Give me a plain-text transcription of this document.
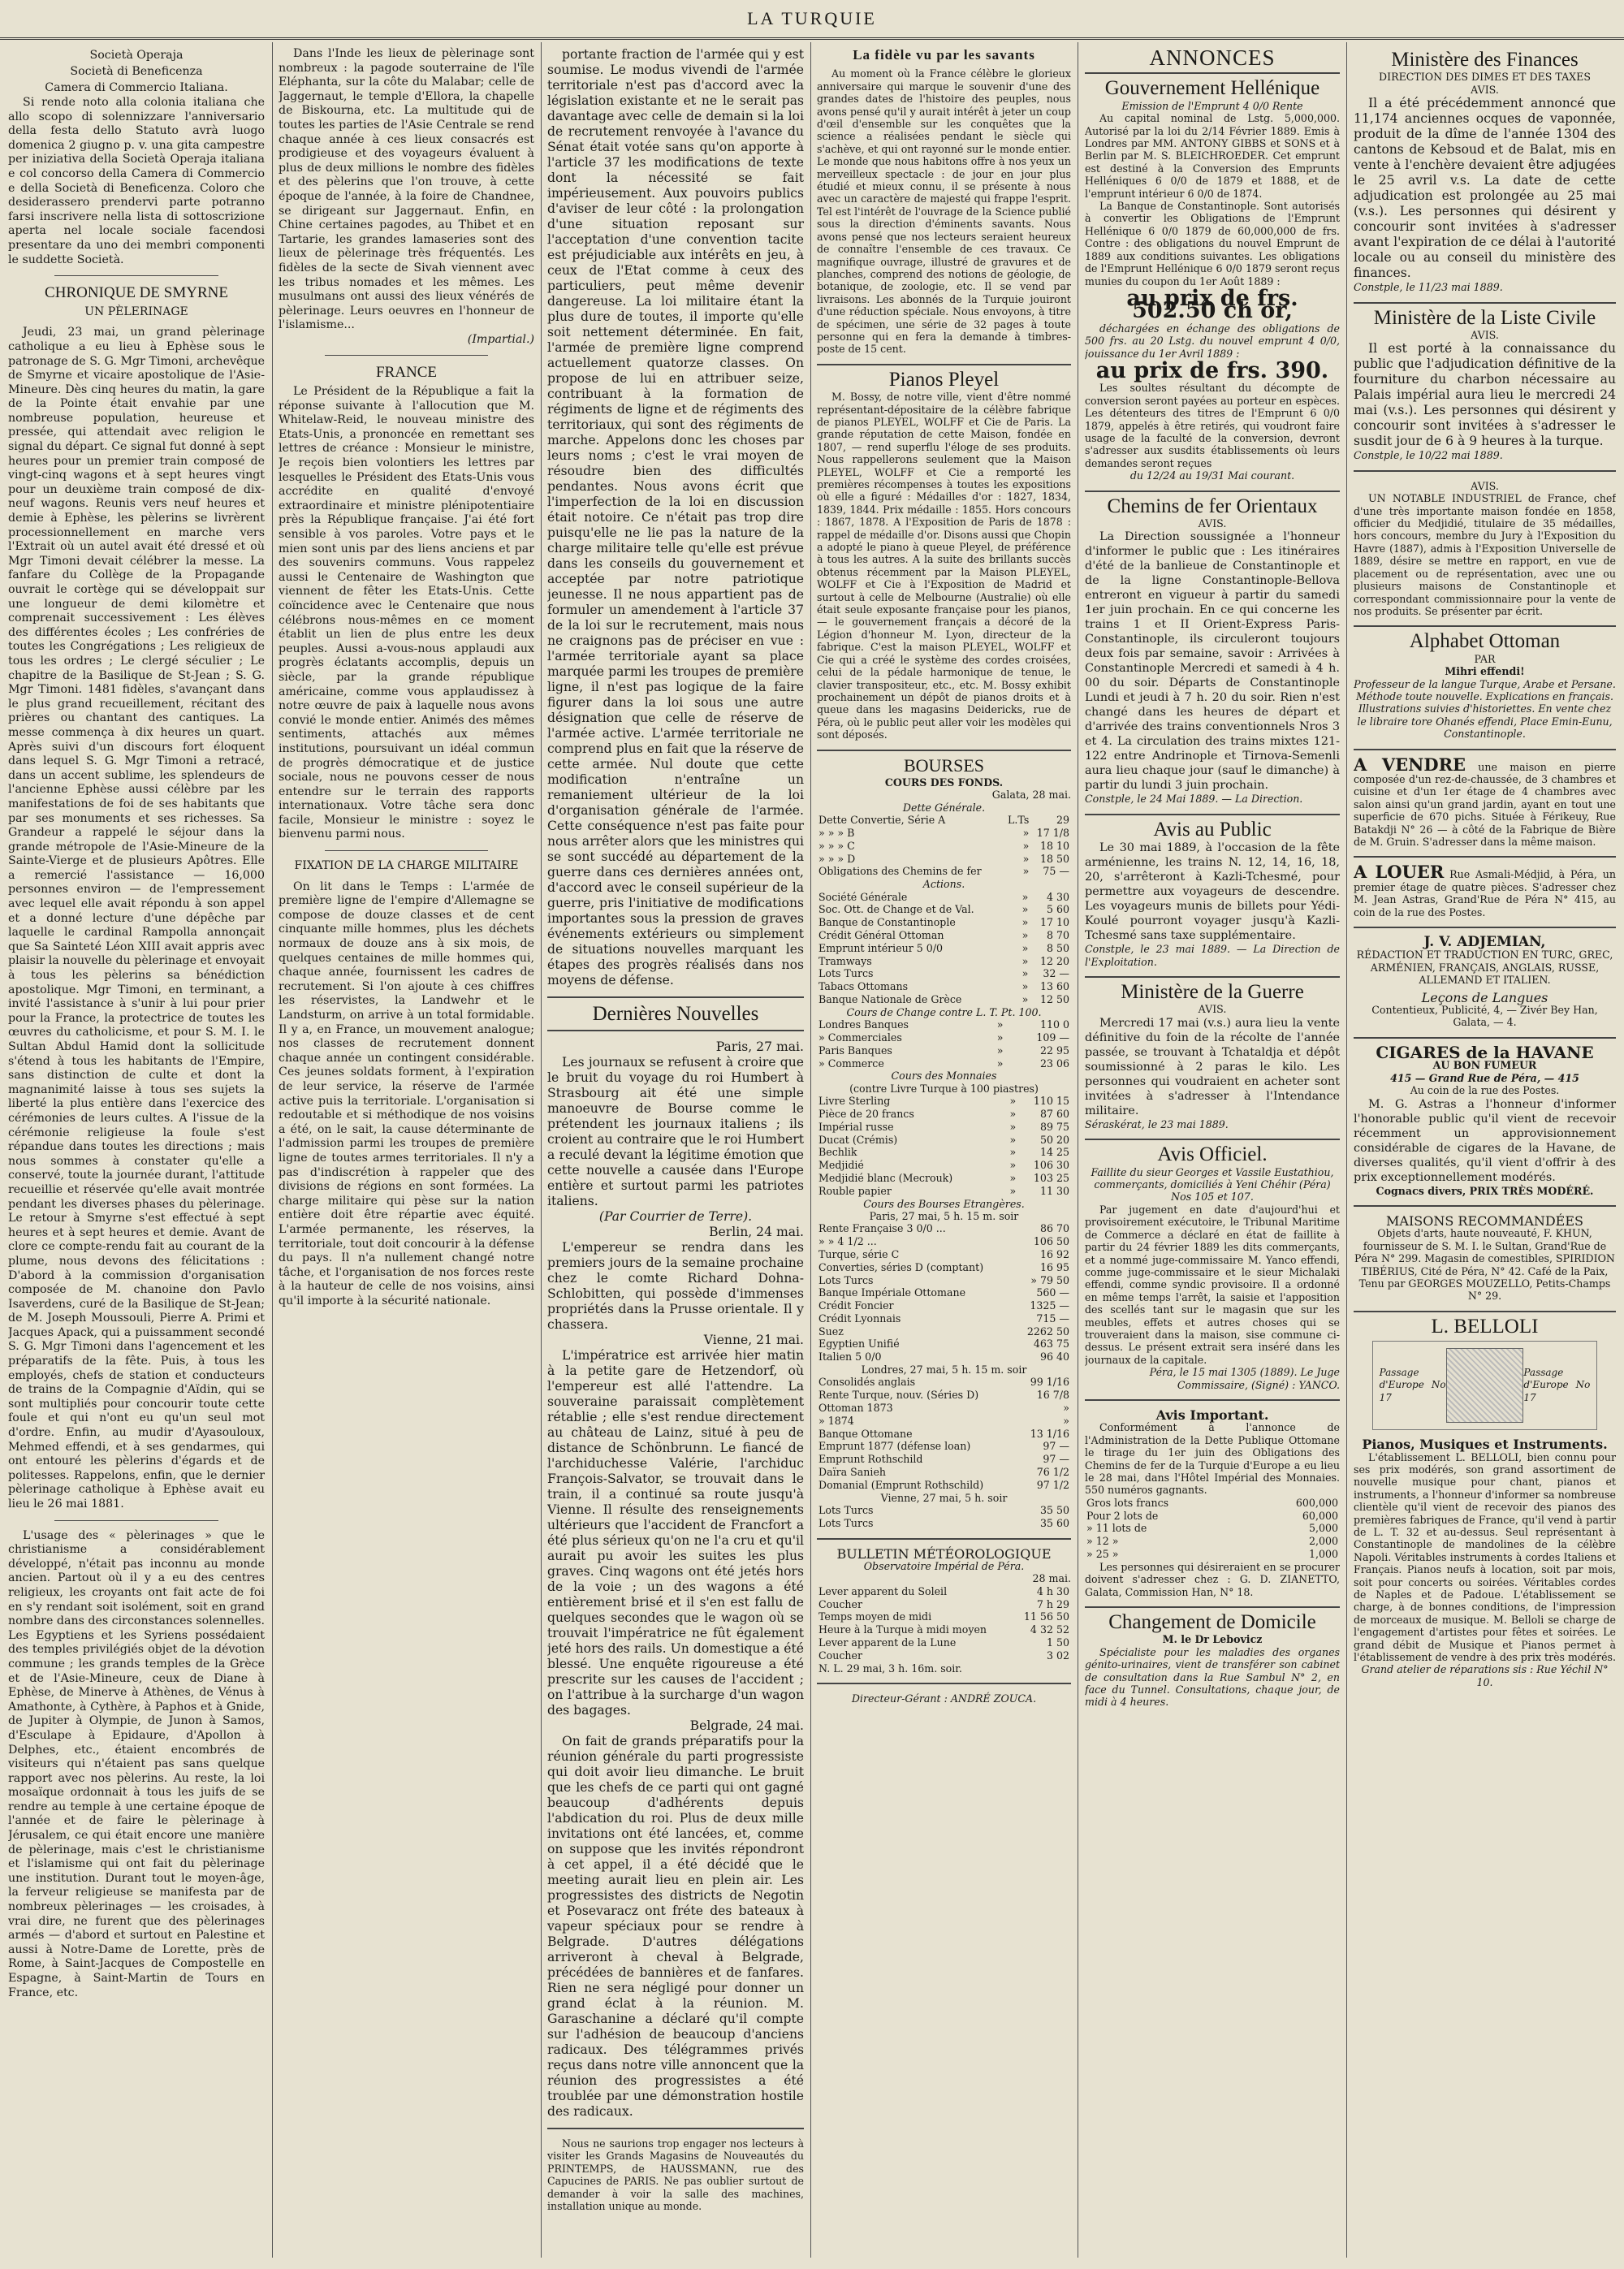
LA TURQUIE
Società Operaja
Società di Beneficenza
Camera di Commercio Italiana.

Si rende noto alla colonia italiana che allo scopo di solennizzare l'anniversario della festa dello Statuto avrà luogo domenica 2 giugno p. v. una gita campestre per iniziativa della Società Operaja italiana e col concorso della Camera di Commercio e della Società di Beneficenza. Coloro che desiderassero prendervi parte potranno farsi inscrivere nella lista di sottoscrizione aperta nel locale sociale facendosi presentare da uno dei membri componenti le suddette Società.

CHRONIQUE DE SMYRNE
UN PÈLERINAGE

Jeudi, 23 mai, un grand pèlerinage catholique a eu lieu à Ephèse sous le patronage de S. G. Mgr Timoni, archevêque de Smyrne et vicaire apostolique de l'Asie-Mineure. Dès cinq heures du matin, la gare de la Pointe était envahie par une nombreuse population, heureuse et pressée, qui attendait avec religion le signal du départ. Ce signal fut donné à sept heures pour un premier train composé de vingt-cinq wagons et à sept heures vingt pour un deuxième train composé de dix-neuf wagons. Reunis vers neuf heures et demie à Ephèse, les pèlerins se livrèrent processionnellement en marche vers l'Extrait où un autel avait été dressé et où Mgr Timoni devait célébrer la messe. La fanfare du Collège de la Propagande ouvrait le cortège qui se développait sur une longueur de demi kilomètre et comprenait successivement : Les élèves des différentes écoles ; Les confréries de toutes les Congrégations ; Les religieux de tous les ordres ; Le clergé séculier ; Le chapitre de la Basilique de St-Jean ; S. G. Mgr Timoni. 1481 fidèles, s'avançant dans le plus grand recueillement, récitant des prières ou chantant des cantiques. La messe commença à dix heures un quart. Après suivi d'un discours fort éloquent dans lequel S. G. Mgr Timoni a retracé, dans un accent sublime, les splendeurs de l'ancienne Ephèse aussi célèbre par les manifestations de foi de ses habitants que par ses monuments et ses richesses. Sa Grandeur a rappelé le séjour dans la grande métropole de l'Asie-Mineure de la Sainte-Vierge et de plusieurs Apôtres. Elle a remercié l'assistance — 16,000 personnes environ — de l'empressement avec lequel elle avait répondu à son appel et a donné lecture d'une dépêche par laquelle le cardinal Rampolla annonçait que Sa Sainteté Léon XIII avait appris avec plaisir la nouvelle du pèlerinage et envoyait à tous les pèlerins sa bénédiction apostolique. Mgr Timoni, en terminant, a invité l'assistance à s'unir à lui pour prier pour la France, la protectrice de toutes les œuvres du catholicisme, et pour S. M. I. le Sultan Abdul Hamid dont la sollicitude s'étend à tous les habitants de l'Empire, sans distinction de culte et dont la magnanimité laisse à tous ses sujets la liberté la plus entière dans l'exercice des cérémonies de leurs cultes. A l'issue de la cérémonie religieuse la foule s'est répandue dans toutes les directions ; mais nous sommes à constater qu'elle a conservé, toute la journée durant, l'attitude recueillie et réservée qu'elle avait montrée pendant les diverses phases du pèlerinage. Le retour à Smyrne s'est effectué à sept heures et à sept heures et demie. Avant de clore ce compte-rendu fait au courant de la plume, nous devons des félicitations : D'abord à la commission d'organisation composée de M. chanoine don Pavlo Isaverdens, curé de la Basilique de St-Jean; de M. Joseph Moussouli, Pierre A. Primi et Jacques Apack, qui a puissamment secondé S. G. Mgr Timoni dans l'agencement et les préparatifs de la fête. Puis, à tous les employés, chefs de station et conducteurs de trains de la Compagnie d'Aïdin, qui se sont multipliés pour concourir toute cette foule et qui n'ont eu qu'un seul mot d'ordre. Enfin, au mudir d'Ayasouloux, Mehmed effendi, et à ses gendarmes, qui ont entouré les pèlerins d'égards et de politesses. Rappelons, enfin, que le dernier pèlerinage catholique à Ephèse avait eu lieu le 26 mai 1881.

L'usage des « pèlerinages » que le christianisme a considérablement développé, n'était pas inconnu au monde ancien. Partout où il y a eu des centres religieux, les croyants ont fait acte de foi en s'y rendant soit isolément, soit en grand nombre dans des circonstances solennelles. Les Egyptiens et les Syriens possédaient des temples privilégiés objet de la dévotion commune ; les grands temples de la Grèce et de l'Asie-Mineure, ceux de Diane à Ephèse, de Minerve à Athènes, de Vénus à Amathonte, à Cythère, à Paphos et à Gnide, de Jupiter à Olympie, de Junon à Samos, d'Esculape à Epidaure, d'Apollon à Delphes, etc., étaient encombrés de visiteurs qui n'étaient pas sans quelque rapport avec nos pèlerins. Au reste, la loi mosaïque ordonnait à tous les juifs de se rendre au temple à une certaine époque de l'année et de faire le pèlerinage à Jérusalem, ce qui était encore une manière de pèlerinage, mais c'est le christianisme et l'islamisme qui ont fait du pèlerinage une institution. Durant tout le moyen-âge, la ferveur religieuse se manifesta par de nombreux pèlerinages — les croisades, à vrai dire, ne furent que des pèlerinages armés — d'abord et surtout en Palestine et aussi à Notre-Dame de Lorette, près de Rome, à Saint-Jacques de Compostelle en Espagne, à Saint-Martin de Tours en France, etc.

Dans l'Inde les lieux de pèlerinage sont nombreux : la pagode souterraine de l'île Eléphanta, sur la côte du Malabar; celle de Jaggernaut, le temple d'Ellora, la chapelle de Biskourna, etc. La multitude qui de toutes les parties de l'Asie Centrale se rend chaque année à ces lieux consacrés est prodigieuse et des voyageurs évaluent à plus de deux millions le nombre des fidèles et des pèlerins que l'on trouve, à cette époque de l'année, à la foire de Chandnee, se dirigeant sur Jaggernaut. Enfin, en Chine certaines pagodes, au Thibet et en Tartarie, les grandes lamaseries sont des lieux de pèlerinage très fréquentés. Les fidèles de la secte de Sivah viennent avec les tribus nomades et les mêmes. Les musulmans ont aussi des lieux vénérés de pèlerinage. Leurs oeuvres en l'honneur de l'islamisme...

(Impartial.)
FRANCE

Le Président de la République a fait la réponse suivante à l'allocution que M. Whitelaw-Reid, le nouveau ministre des Etats-Unis, a prononcée en remettant ses lettres de créance : Monsieur le ministre, Je reçois bien volontiers les lettres par lesquelles le Président des Etats-Unis vous accrédite en qualité d'envoyé extraordinaire et ministre plénipotentiaire près la République française. J'ai été fort sensible à vos paroles. Votre pays et le mien sont unis par des liens anciens et par des souvenirs communs. Vous rappelez aussi le Centenaire de Washington que viennent de fêter les Etats-Unis. Cette coïncidence avec le Centenaire que nous célébrons nous-mêmes en ce moment établit un lien de plus entre les deux peuples. Aussi a-vous-nous applaudi aux progrès éclatants accomplis, depuis un siècle, par la grande république américaine, comme vous applaudissez à notre œuvre de paix à laquelle nous avons convié le monde entier. Animés des mêmes sentiments, attachés aux mêmes institutions, poursuivant un idéal commun de progrès démocratique et de justice sociale, nous ne pouvons cesser de nous entendre sur le terrain des rapports internationaux. Votre tâche sera donc facile, Monsieur le ministre : soyez le bienvenu parmi nous.

FIXATION DE LA CHARGE MILITAIRE

On lit dans le Temps : L'armée de première ligne de l'empire d'Allemagne se compose de douze classes et de cent cinquante mille hommes, plus les déchets normaux de douze ans à six mois, de quelques centaines de mille hommes qui, chaque année, fournissent les cadres de recrutement. Si l'on ajoute à ces chiffres les réservistes, la Landwehr et le Landsturm, on arrive à un total formidable. Il y a, en France, un mouvement analogue; nos classes de recrutement donnent chaque année un contingent considérable. Ces jeunes soldats forment, à l'expiration de leur service, la réserve de l'armée active puis la territoriale. L'organisation si redoutable et si méthodique de nos voisins a été, on le sait, la cause déterminante de l'admission parmi les troupes de première ligne de toutes armes territoriales. Il n'y a pas d'indiscrétion à rappeler que des divisions de régions en sont formées. La charge militaire qui pèse sur la nation entière doit être répartie avec équité. L'armée permanente, les réserves, la territoriale, tout doit concourir à la défense du pays. Il n'a nullement changé notre tâche, et l'organisation de nos forces reste à la hauteur de celle de nos voisins, ainsi qu'il importe à la sécurité nationale.

portante fraction de l'armée qui y est soumise. Le modus vivendi de l'armée territoriale n'est pas d'accord avec la législation existante et ne le serait pas davantage avec celle de demain si la loi de recrutement renvoyée à l'avance du Sénat était votée sans qu'on apporte à l'article 37 les modifications de texte dont la nécessité se fait impérieusement. Aux pouvoirs publics d'aviser de leur côté : la prolongation d'une situation reposant sur l'acceptation d'une convention tacite est préjudiciable aux intérêts en jeu, à ceux de l'Etat comme à ceux des particuliers, peut même devenir dangereuse. La loi militaire étant la plus dure de toutes, il importe qu'elle soit nettement déterminée. En fait, l'armée de première ligne comprend actuellement quatorze classes. On propose de lui en attribuer seize, contribuant à la formation de régiments de ligne et de régiments des territoriaux, qui sont des régiments de marche. Appelons donc les choses par leurs noms ; c'est le vrai moyen de résoudre bien des difficultés pendantes. Nous avons écrit que l'imperfection de la loi en discussion était notoire. Ce n'était pas trop dire puisqu'elle ne lie pas la nature de la charge militaire telle qu'elle est prévue dans les conseils du gouvernement et acceptée par notre patriotique jeunesse. Il ne nous appartient pas de formuler un amendement à l'article 37 de la loi sur le recrutement, mais nous ne craignons pas de préciser en vue : l'armée territoriale ayant sa place marquée parmi les troupes de première ligne, il n'est pas logique de la faire figurer dans la loi sous une autre désignation que celle de réserve de l'armée active. L'armée territoriale ne comprend plus en fait que la réserve de cette armée. Nul doute que cette modification n'entraîne un remaniement ultérieur de la loi d'organisation générale de l'armée. Cette conséquence n'est pas faite pour nous arrêter alors que les ministres qui se sont succédé au département de la guerre dans ces dernières années ont, d'accord avec le conseil supérieur de la guerre, pris l'initiative de modifications importantes sous la pression de graves événements extérieurs ou simplement de situations nouvelles marquant les étapes des progrès réalisés dans nos moyens de défense.

Dernières Nouvelles
Paris, 27 mai.

Les journaux se refusent à croire que le bruit du voyage du roi Humbert à Strasbourg ait été une simple manoeuvre de Bourse comme le prétendent les journaux italiens ; ils croient au contraire que le roi Humbert a reculé devant la légitime émotion que cette nouvelle a causée dans l'Europe entière et surtout parmi les patriotes italiens.

(Par Courrier de Terre).
Berlin, 24 mai.

L'empereur se rendra dans les premiers jours de la semaine prochaine chez le comte Richard Dohna-Schlobitten, qui possède d'immenses propriétés dans la Prusse orientale. Il y chassera.

Vienne, 21 mai.

L'impératrice est arrivée hier matin à la petite gare de Hetzendorf, où l'empereur est allé l'attendre. La souveraine paraissait complètement rétablie ; elle s'est rendue directement au château de Lainz, situé à peu de distance de Schönbrunn. Le fiancé de l'archiduchesse Valérie, l'archiduc François-Salvator, se trouvait dans le train, il a continué sa route jusqu'à Vienne. Il résulte des renseignements ultérieurs que l'accident de Francfort a été plus sérieux qu'on ne l'a cru et qu'il aurait pu avoir les suites les plus graves. Cinq wagons ont été jetés hors de la voie ; un des wagons a été entièrement brisé et il s'en est fallu de quelques secondes que le wagon où se trouvait l'impératrice ne fût également jeté hors des rails. Un domestique a été blessé. Une enquête rigoureuse a été prescrite sur les causes de l'accident ; on l'attribue à la surcharge d'un wagon des bagages.

Belgrade, 24 mai.

On fait de grands préparatifs pour la réunion générale du parti progressiste qui doit avoir lieu dimanche. Le bruit que les chefs de ce parti qui ont gagné beaucoup d'adhérents depuis l'abdication du roi. Plus de deux mille invitations ont été lancées, et, comme on suppose que les invités répondront à cet appel, il a été décidé que le meeting aurait lieu en plein air. Les progressistes des districts de Negotin et Posevaracz ont fréte des bateaux à vapeur spéciaux pour se rendre à Belgrade. D'autres délégations arriveront à cheval à Belgrade, précédées de bannières et de fanfares. Rien ne sera négligé pour donner un grand éclat à la réunion. M. Garaschanine a déclaré qu'il compte sur l'adhésion de beaucoup d'anciens radicaux. Des télégrammes privés reçus dans notre ville annoncent que la réunion des progressistes a été troublée par une démonstration hostile des radicaux.

Nous ne saurions trop engager nos lecteurs à visiter les Grands Magasins de Nouveautés du PRINTEMPS, de HAUSSMANN, rue des Capucines de PARIS. Ne pas oublier surtout de demander à voir la salle des machines, installation unique au monde.

La fidèle vu par les savants

Au moment où la France célèbre le glorieux anniversaire qui marque le souvenir d'une des grandes dates de l'histoire des peuples, nous avons pensé qu'il y aurait intérêt à jeter un coup d'œil d'ensemble sur les conquêtes que la science a réalisées pendant le siècle qui s'achève, et qui ont rayonné sur le monde entier. Le monde que nous habitons offre à nos yeux un merveilleux spectacle : de jour en jour plus étudié et mieux connu, il se présente à nous avec un caractère de majesté qui frappe l'esprit. Tel est l'intérêt de l'ouvrage de la Science publié sous la direction d'éminents savants. Nous avons pensé que nos lecteurs seraient heureux de connaître l'ensemble de ces travaux. Ce magnifique ouvrage, illustré de gravures et de planches, comprend des notions de géologie, de botanique, de zoologie, etc. Il se vend par livraisons. Les abonnés de la Turquie jouiront d'une réduction spéciale. Nous envoyons, à titre de spécimen, une série de 32 pages à toute personne qui en fera la demande à timbres-poste de 15 cent.

Pianos Pleyel

M. Bossy, de notre ville, vient d'être nommé représentant-dépositaire de la célèbre fabrique de pianos PLEYEL, WOLFF et Cie de Paris. La grande réputation de cette Maison, fondée en 1807, — rend superflu l'éloge de ses produits. Nous rappellerons seulement que la Maison PLEYEL, WOLFF et Cie a remporté les premières récompenses à toutes les expositions où elle a figuré : Médailles d'or : 1827, 1834, 1839, 1844. Prix médaille : 1855. Hors concours : 1867, 1878. A l'Exposition de Paris de 1878 : rappel de médaille d'or. Disons aussi que Chopin a adopté le piano à queue Pleyel, de préférence à tous les autres. A la suite des brillants succès obtenus récemment par la Maison PLEYEL, WOLFF et Cie à l'Exposition de Madrid et surtout à celle de Melbourne (Australie) où elle était seule exposante française pour les pianos, — le gouvernement français a décoré de la Légion d'honneur M. Lyon, directeur de la fabrique. C'est la maison PLEYEL, WOLFF et Cie qui a créé le système des cordes croisées, celui de la pédale harmonique de tenue, le clavier transpositeur, etc., etc. M. Bossy exhibit prochainement un dépôt de pianos droits et à queue dans les magasins Deidericks, rue de Péra, où le public peut aller voir les modèles qui sont déposés.

BOURSES
COURS DES FONDS.
Galata, 28 mai.
Dette Générale.
Dette Convertie, Série A	L.Ts	29
» » » B	»	17 1/8
» » » C	»	18 10
» » » D	»	18 50
Obligations des Chemins de fer	»	75 —
Actions.
Société Générale	»	4 30
Soc. Ott. de Change et de Val.	»	5 60
Banque de Constantinople	»	17 10
Crédit Général Ottoman	»	8 70
Emprunt intérieur 5 0/0	»	8 50
Tramways	»	12 20
Lots Turcs	»	32 —
Tabacs Ottomans	»	13 60
Banque Nationale de Grèce	»	12 50
Cours de Change contre L. T. Pt. 100.
Londres Banques	»	110 0
» Commerciales	»	109 —
Paris Banques	»	22 95
» Commerce	»	23 06
Cours des Monnaies
(contre Livre Turque à 100 piastres)
Livre Sterling	»	110 15
Pièce de 20 francs	»	87 60
Impérial russe	»	89 75
Ducat (Crémis)	»	50 20
Bechlik	»	14 25
Medjidié	»	106 30
Medjidié blanc (Mecrouk)	»	103 25
Rouble papier	»	11 30
Cours des Bourses Etrangères.
Paris, 27 mai, 5 h. 15 m. soir
Rente Française 3 0/0 ...	86 70
» » 4 1/2 ...	106 50
Turque, série C	16 92
Converties, séries D (comptant)	16 95
Lots Turcs	» 79 50
Banque Impériale Ottomane	560 —
Crédit Foncier	1325 —
Crédit Lyonnais	715 —
Suez	2262 50
Egyptien Unifié	463 75
Italien 5 0/0	96 40
Londres, 27 mai, 5 h. 15 m. soir
Consolidés anglais	99 1/16
Rente Turque, nouv. (Séries D)	16 7/8
Ottoman 1873	»
» 1874	»
Banque Ottomane	13 1/16
Emprunt 1877 (défense loan)	97 —
Emprunt Rothschild	97 —
Daïra Sanieh	76 1/2
Domanial (Emprunt Rothschild)	97 1/2
Vienne, 27 mai, 5 h. soir
Lots Turcs	35 50
Lots Turcs	35 60
BULLETIN MÉTÉOROLOGIQUE
Observatoire Impérial de Péra.
28 mai.
Lever apparent du Soleil	4 h 30
Coucher	7 h 29
Temps moyen de midi	11 56 50
Heure à la Turque à midi moyen	4 32 52
Lever apparent de la Lune	1 50
Coucher	3 02
N. L. 29 mai, 3 h. 16m. soir.	
Directeur-Gérant : ANDRÉ ZOUCA.
ANNONCES
Gouvernement Hellénique
Emission de l'Emprunt 4 0/0 Rente

Au capital nominal de Lstg. 5,000,000. Autorisé par la loi du 2/14 Février 1889. Emis à Londres par MM. ANTONY GIBBS et SONS et à Berlin par M. S. BLEICHROEDER. Cet emprunt est destiné à la Conversion des Emprunts Helléniques 6 0/0 de 1879 et 1888, et de l'emprunt intérieur 6 0/0 de 1874.

La Banque de Constantinople. Sont autorisés à convertir les Obligations de l'Emprunt Hellénique 6 0/0 1879 de 60,000,000 de frs. Contre : des obligations du nouvel Emprunt de 1889 aux conditions suivantes. Les obligations de l'Emprunt Hellénique 6 0/0 1879 seront reçus munies du coupon du 1er Août 1889 :

au prix de frs. 502.50 ch or,

déchargées en échange des obligations de 500 frs. au 20 Lstg. du nouvel emprunt 4 0/0, jouissance du 1er Avril 1889 :

au prix de frs. 390.

Les soultes résultant du décompte de conversion seront payées au porteur en espèces. Les détenteurs des titres de l'Emprunt 6 0/0 1879, appelés à être retirés, qui voudront faire usage de la faculté de la conversion, devront s'adresser aux susdits établissements où leurs demandes seront reçues

du 12/24 au 19/31 Mai courant.
Chemins de fer Orientaux
AVIS.

La Direction soussignée a l'honneur d'informer le public que : Les itinéraires d'été de la banlieue de Constantinople et de la ligne Constantinople-Bellova entreront en vigueur à partir du samedi 1er juin prochain. En ce qui concerne les trains 1 et II Orient-Express Paris-Constantinople, ils circuleront toujours deux fois par semaine, savoir : Arrivées à Constantinople Mercredi et samedi à 4 h. 00 du soir. Départs de Constantinople Lundi et jeudi à 7 h. 20 du soir. Rien n'est changé dans les heures de départ et d'arrivée des trains conventionnels Nros 3 et 4. La circulation des trains mixtes 121-122 entre Andrinople et Tirnova-Semenli aura lieu chaque jour (sauf le dimanche) à partir du lundi 3 juin prochain.

Constple, le 24 Mai 1889. — La Direction.
Avis au Public

Le 30 mai 1889, à l'occasion de la fête arménienne, les trains N. 12, 14, 16, 18, 20, s'arrêteront à Kazli-Tchesmé, pour permettre aux voyageurs de descendre. Les voyageurs munis de billets pour Yédi-Koulé pourront voyager jusqu'à Kazli-Tchesmé sans taxe supplémentaire.

Constple, le 23 mai 1889. — La Direction de l'Exploitation.
Ministère de la Guerre
AVIS.

Mercredi 17 mai (v.s.) aura lieu la vente définitive du foin de la récolte de l'année passée, se trouvant à Tchataldja et dépôt soumissionné à 2 paras le kilo. Les personnes qui voudraient en acheter sont invitées à s'adresser à l'Intendance militaire.

Séraskérat, le 23 mai 1889.
Avis Officiel.
Faillite du sieur Georges et Vassile Eustathiou, commerçants, domiciliés à Yeni Chéhir (Péra) Nos 105 et 107.

Par jugement en date d'aujourd'hui et provisoirement exécutoire, le Tribunal Maritime de Commerce a déclaré en état de faillite à partir du 24 février 1889 les dits commerçants, et a nommé juge-commissaire M. Yanco effendi, comme juge-commissaire et le sieur Michalaki effendi, comme syndic provisoire. Il a ordonné en même temps l'arrêt, la saisie et l'apposition des scellés tant sur le magasin que sur les meubles, effets et autres choses qui se trouveraient dans la maison, sise commune ci-dessus. Le présent extrait sera inséré dans les journaux de la capitale.

Péra, le 15 mai 1305 (1889). Le Juge Commissaire, (Signé) : YANCO.
Avis Important.

Conformément à l'annonce de l'Administration de la Dette Publique Ottomane le tirage du 1er juin des Obligations des Chemins de fer de la Turquie d'Europe a eu lieu le 28 mai, dans l'Hôtel Impérial des Monnaies. 550 numéros gagnants.

Gros lots francs	600,000
Pour 2 lots de	60,000
» 11 lots de	5,000
» 12 »	2,000
» 25 »	1,000

Les personnes qui désireraient en se procurer doivent s'adresser chez : G. D. ZIANETTO, Galata, Commission Han, N° 18.

Changement de Domicile
M. le Dr Lebovicz

Spécialiste pour les maladies des organes génito-urinaires, vient de transférer son cabinet de consultation dans la Rue Sambul N° 2, en face du Tunnel. Consultations, chaque jour, de midi à 4 heures.

Ministère des Finances
DIRECTION DES DIMES ET DES TAXES
AVIS.

Il a été précédemment annoncé que 11,174 anciennes ocques de vaponnée, produit de la dîme de l'année 1304 des cantons de Kebsoud et de Balat, mis en vente à l'enchère devaient être adjugées le 25 avril v.s. La date de cette adjudication est prolongée au 25 mai (v.s.). Les personnes qui désirent y concourir sont invitées à s'adresser avant l'expiration de ce délai à l'autorité locale ou au conseil du ministère des finances.

Constple, le 11/23 mai 1889.
Ministère de la Liste Civile
AVIS.

Il est porté à la connaissance du public que l'adjudication définitive de la fourniture du charbon nécessaire au Palais impérial aura lieu le mercredi 24 mai (v.s.). Les personnes qui désirent y concourir sont invitées à s'adresser le susdit jour de 6 à 9 heures à la turque.

Constple, le 10/22 mai 1889.
AVIS.

UN NOTABLE INDUSTRIEL de France, chef d'une très importante maison fondée en 1858, officier du Medjidié, titulaire de 35 médailles, hors concours, membre du Jury à l'Exposition du Havre (1887), admis à l'Exposition Universelle de 1889, désire se mettre en rapport, en vue de placement ou de représentation, avec une ou plusieurs maisons de Constantinople et correspondant commissionnaire pour la vente de nos produits. Se présenter par écrit.

Alphabet Ottoman
PAR
Mihri effendi!

Professeur de la langue Turque, Arabe et Persane. Méthode toute nouvelle. Explications en français. Illustrations suivies d'historiettes. En vente chez le libraire tore Ohanés effendi, Place Emin-Eunu, Constantinople.

A VENDRE une maison en pierre composée d'un rez-de-chaussée, de 3 chambres et cuisine et d'un 1er étage de 4 chambres avec salon ainsi qu'un grand jardin, ayant en tout une superficie de 670 pichs. Située à Férikeuy, Rue Batakdji N° 26 — à côté de la Fabrique de Bière de M. Gruin. S'adresser dans la même maison.
A LOUER Rue Asmali-Médjid, à Péra, un premier étage de quatre pièces. S'adresser chez M. Jean Astras, Grand'Rue de Péra N° 415, au coin de la rue des Postes.
J. V. ADJEMIAN,
RÉDACTION ET TRADUCTION EN TURC, GREC, ARMÉNIEN, FRANÇAIS, ANGLAIS, RUSSE, ALLEMAND ET ITALIEN.
Leçons de Langues
Contentieux, Publicité, 4, — Zivér Bey Han, Galata, — 4.
CIGARES de la HAVANE
AU BON FUMEUR
415 — Grand Rue de Péra, — 415
Au coin de la rue des Postes.

M. G. Astras a l'honneur d'informer l'honorable public qu'il vient de recevoir récemment un approvisionnement considérable de cigares de la Havane, de diverses qualités, qu'il vient d'offrir à des prix exceptionnellement modérés.

Cognacs divers, PRIX TRÈS MODÉRÉ.
MAISONS RECOMMANDÉES

Objets d'arts, haute nouveauté, F. KHUN, fournisseur de S. M. I. le Sultan, Grand'Rue de Péra N° 299. Magasin de comestibles, SPIRIDION TIBÉRIUS, Cité de Péra, N° 42. Café de la Paix, Tenu par GEORGES MOUZELLO, Petits-Champs N° 29.

L. BELLOLI
Passage d'Europe No 17
Passage d'Europe No 17
Pianos, Musiques et Instruments.

L'établissement L. BELLOLI, bien connu pour ses prix modérés, son grand assortiment de nouvelle musique pour chant, pianos et instruments, a l'honneur d'informer sa nombreuse clientèle qu'il vient de recevoir des pianos des premières fabriques de France, qu'il vend à partir de L. T. 32 et au-dessus. Seul représentant à Constantinople de mandolines de la célèbre Napoli. Véritables instruments à cordes Italiens et Français. Pianos neufs à location, soit par mois, soit pour concerts ou soirées. Véritables cordes de Naples et de Padoue. L'établissement se charge, à de bonnes conditions, de l'impression de morceaux de musique. M. Belloli se charge de l'engagement d'artistes pour fêtes et soirées. Le grand débit de Musique et Pianos permet à l'établissement de vendre à des prix très modérés.

Grand atelier de réparations sis : Rue Yéchil N° 10.
